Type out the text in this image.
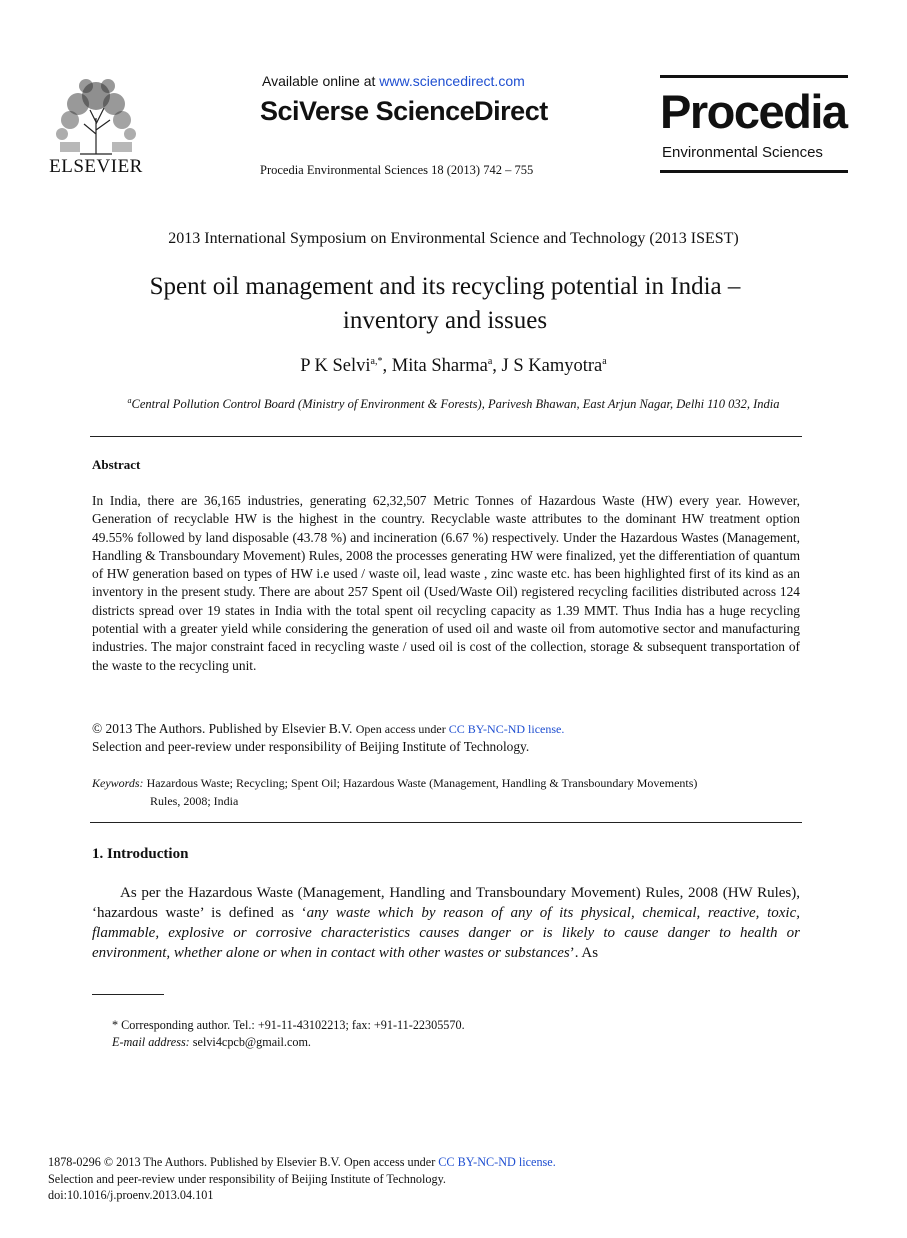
ELSEVIER
Available online at www.sciencedirect.com
SciVerse ScienceDirect
Procedia Environmental Sciences 18 (2013) 742 – 755
Procedia
Environmental Sciences
2013 International Symposium on Environmental Science and Technology (2013 ISEST)
Spent oil management and its recycling potential in India –
inventory and issues
P K Selvi$^{a,*}$, Mita Sharma$^a$, J S Kamyotra$^a$
$^a$Central Pollution Control Board (Ministry of Environment & Forests), Parivesh Bhawan, East Arjun Nagar, Delhi 110 032, India
Abstract
In India, there are 36,165 industries, generating 62,32,507 Metric Tonnes of Hazardous Waste (HW) every year. However, Generation of recyclable HW is the highest in the country. Recyclable waste attributes to the dominant HW treatment option 49.55% followed by land disposable (43.78 %) and incineration (6.67 %) respectively. Under the Hazardous Wastes (Management, Handling & Transboundary Movement) Rules, 2008 the processes generating HW were finalized, yet the differentiation of quantum of HW generation based on types of HW i.e used / waste oil, lead waste , zinc waste etc. has been highlighted first of its kind as an inventory in the present study. There are about 257 Spent oil (Used/Waste Oil) registered recycling facilities distributed across 124 districts spread over 19 states in India with the total spent oil recycling capacity as 1.39 MMT. Thus India has a huge recycling potential with a greater yield while considering the generation of used oil and waste oil from automotive sector and manufacturing industries. The major constraint faced in recycling waste / used oil is cost of the collection, storage & subsequent transportation of the waste to the recycling unit.
© 2013 The Authors. Published by Elsevier B.V. Open access under CC BY-NC-ND license.
Selection and peer-review under responsibility of Beijing Institute of Technology.
Keywords: Hazardous Waste; Recycling; Spent Oil; Hazardous Waste (Management, Handling & Transboundary Movements)
Rules, 2008; India
1. Introduction
As per the Hazardous Waste (Management, Handling and Transboundary Movement) Rules, 2008 (HW Rules), ‘hazardous waste’ is defined as ‘any waste which by reason of any of its physical, chemical, reactive, toxic, flammable, explosive or corrosive characteristics causes danger or is likely to cause danger to health or environment, whether alone or when in contact with other wastes or substances’. As
* Corresponding author. Tel.: +91-11-43102213; fax: +91-11-22305570.
E-mail address: selvi4cpcb@gmail.com.
1878-0296 © 2013 The Authors. Published by Elsevier B.V. Open access under CC BY-NC-ND license.
Selection and peer-review under responsibility of Beijing Institute of Technology.
doi:10.1016/j.proenv.2013.04.101
